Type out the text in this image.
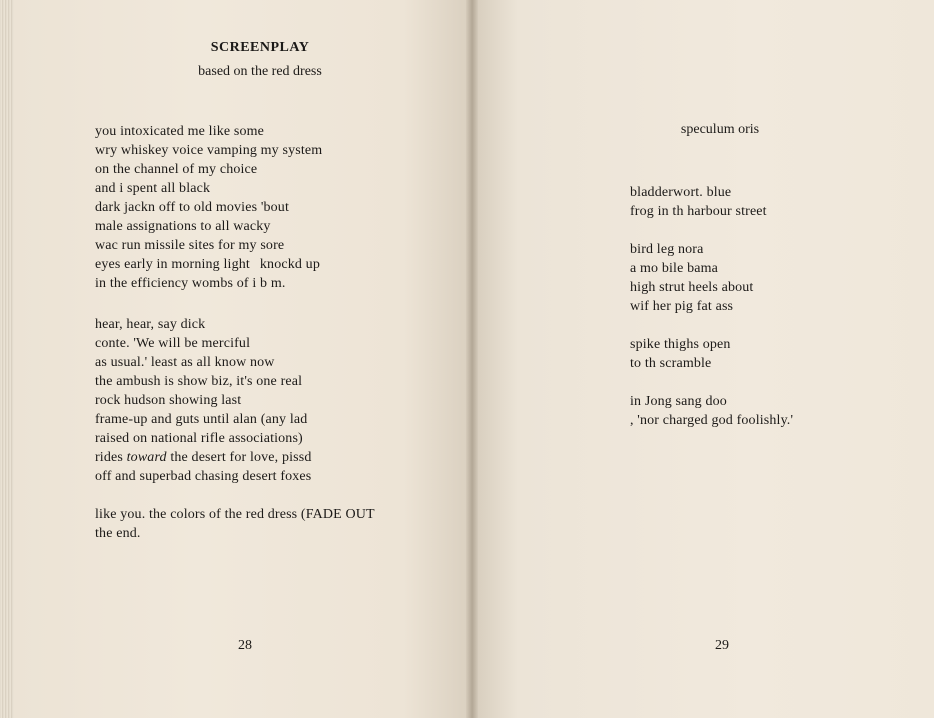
SCREENPLAY
based on the red dress
you intoxicated me like some
wry whiskey voice vamping my system
on the channel of my choice
and i spent all black
dark jackn off to old movies 'bout
male assignations to all wacky
wac run missile sites for my sore
eyes early in morning light knockd up
in the efficiency wombs of i b m.
hear, hear, say dick
conte. 'We will be merciful
as usual.' least as all know now
the ambush is show biz, it's one real
rock hudson showing last
frame-up and guts until alan (any lad
raised on national rifle associations)
rides toward the desert for love, pissd
off and superbad chasing desert foxes
like you. the colors of the red dress (FADE OUT
the end.
28
speculum oris
bladderwort. blue
frog in th harbour street
bird leg nora
a mo bile bama
high strut heels about
wif her pig fat ass
spike thighs open
to th scramble
in Jong sang doo
, 'nor charged god foolishly.'
29
